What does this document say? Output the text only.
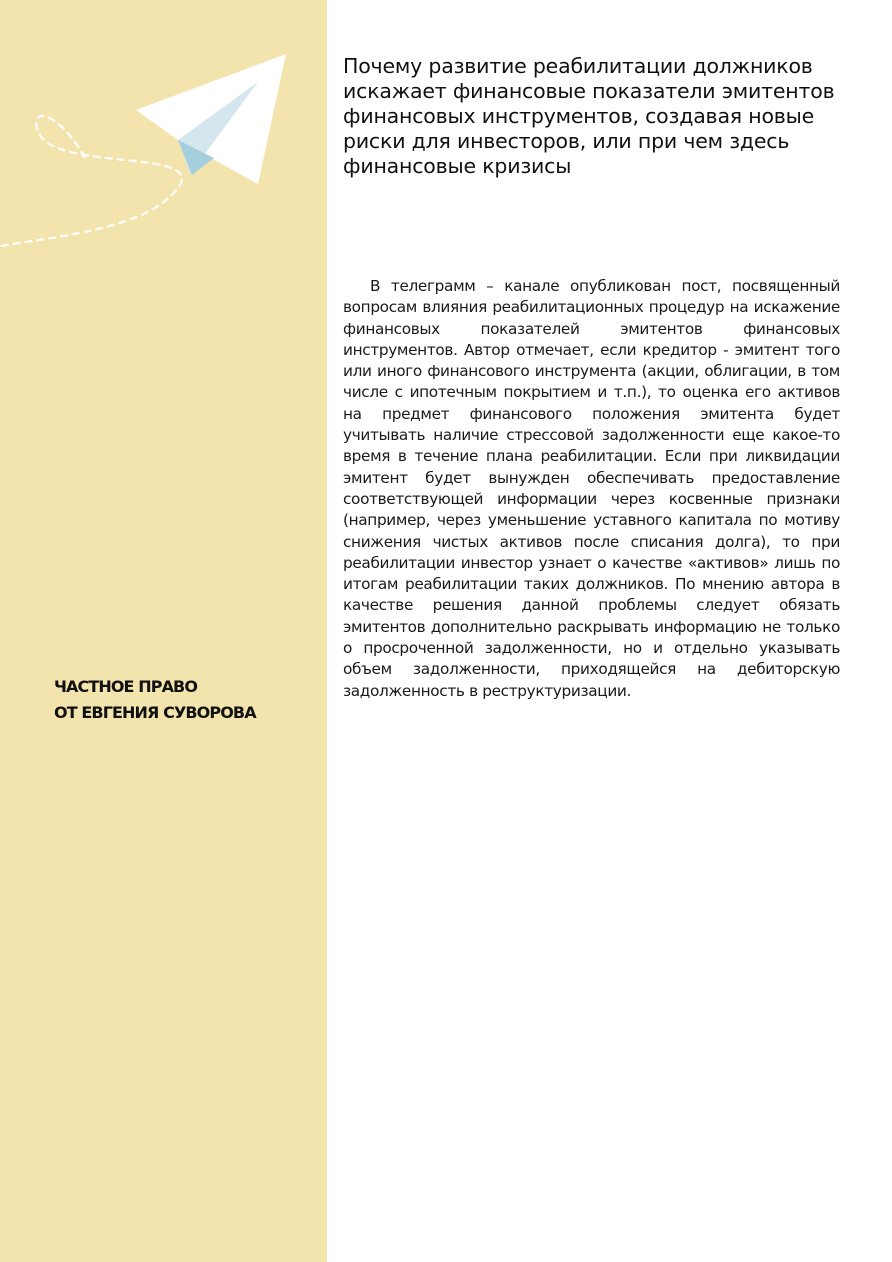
ЧАСТНОЕ ПРАВО
ОТ ЕВГЕНИЯ СУВОРОВА
Почему развитие реабилитации должников искажает финансовые показатели эмитентов финансовых инструментов, создавая новые риски для инвесторов, или при чем здесь финансовые кризисы

В телеграмм – канале опубликован пост, посвященный вопросам влияния реабилитационных процедур на искажение финансовых показателей эмитентов финансовых инструментов. Автор отмечает, если кредитор - эмитент того или иного финансового инструмента (акции, облигации, в том числе с ипотечным покрытием и т.п.), то оценка его активов на предмет финансового положения эмитента будет учитывать наличие стрессовой задолженности еще какое-то время в течение плана реабилитации. Если при ликвидации эмитент будет вынужден обеспечивать предоставление соответствующей информации через косвенные признаки (например, через уменьшение уставного капитала по мотиву снижения чистых активов после списания долга), то при реабилитации инвестор узнает о качестве «активов» лишь по итогам реабилитации таких должников. По мнению автора в качестве решения данной проблемы следует обязать эмитентов дополнительно раскрывать информацию не только о просроченной задолженности, но и отдельно указывать объем задолженности, приходящейся на дебиторскую задолженность в реструктуризации.
